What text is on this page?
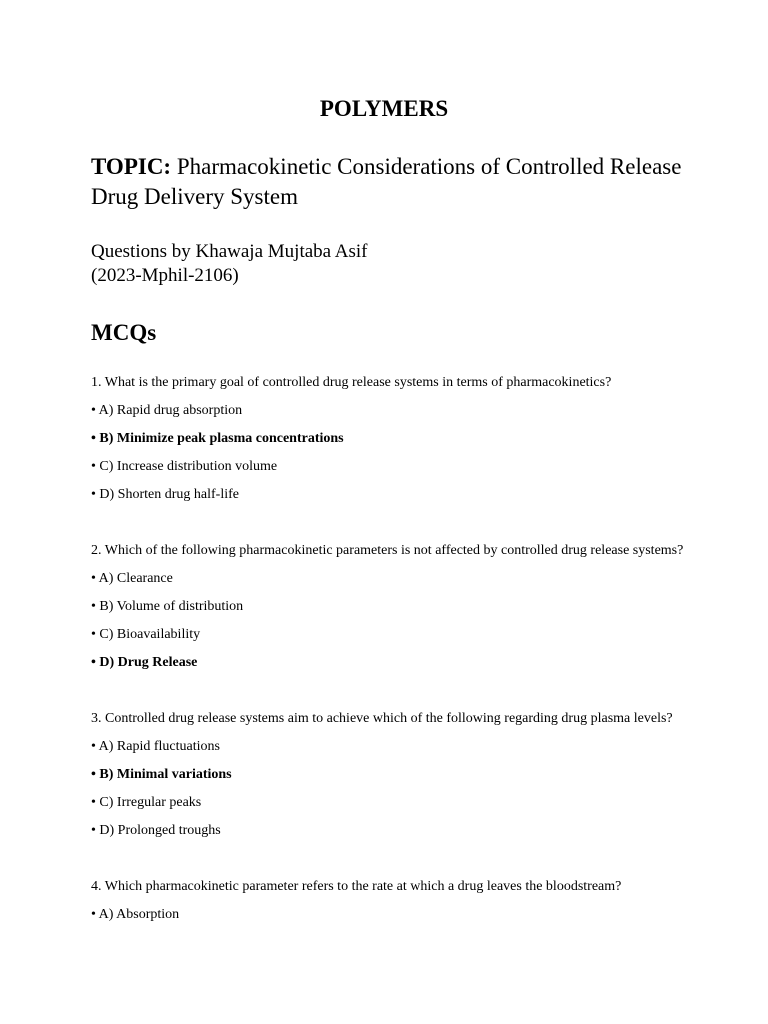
POLYMERS

TOPIC: Pharmacokinetic Considerations of Controlled Release Drug Delivery System

Questions by Khawaja Mujtaba Asif
(2023-Mphil-2106)
MCQs

1. What is the primary goal of controlled drug release systems in terms of pharmacokinetics?

• A) Rapid drug absorption

• B) Minimize peak plasma concentrations

• C) Increase distribution volume

• D) Shorten drug half-life

2. Which of the following pharmacokinetic parameters is not affected by controlled drug release systems?

• A) Clearance

• B) Volume of distribution

• C) Bioavailability

• D) Drug Release

3. Controlled drug release systems aim to achieve which of the following regarding drug plasma levels?

• A) Rapid fluctuations

• B) Minimal variations

• C) Irregular peaks

• D) Prolonged troughs

4. Which pharmacokinetic parameter refers to the rate at which a drug leaves the bloodstream?

• A) Absorption
